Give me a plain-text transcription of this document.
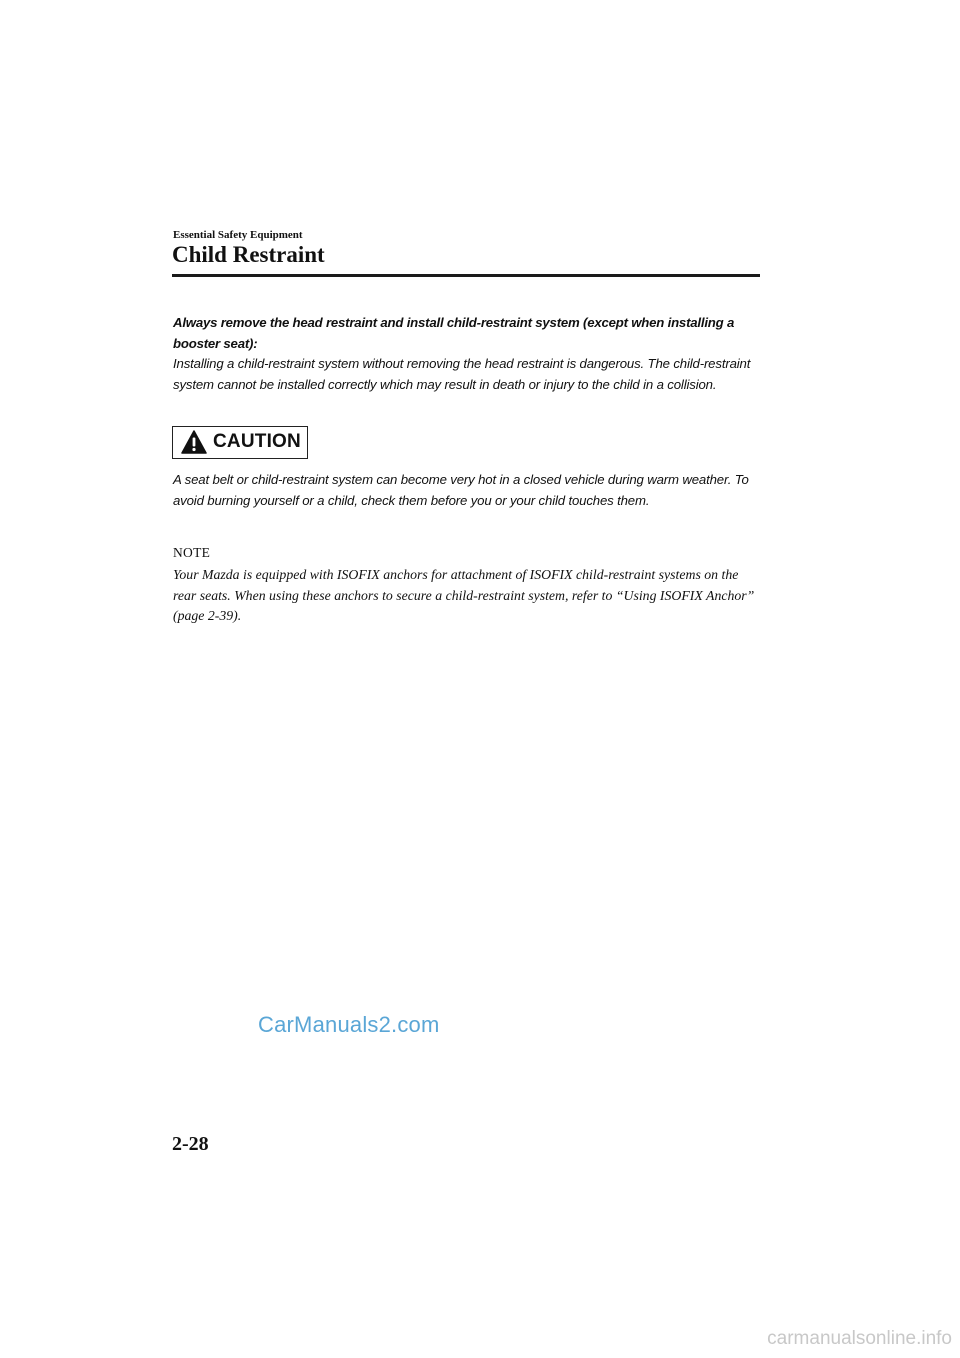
Essential Safety Equipment
Child Restraint
Always remove the head restraint and install child-restraint system (except when installing a booster seat):
Installing a child-restraint system without removing the head restraint is dangerous. The child-restraint system cannot be installed correctly which may result in death or injury to the child in a collision.
CAUTION
A seat belt or child-restraint system can become very hot in a closed vehicle during warm weather. To avoid burning yourself or a child, check them before you or your child touches them.
NOTE
Your Mazda is equipped with ISOFIX anchors for attachment of ISOFIX child-restraint systems on the rear seats. When using these anchors to secure a child-restraint system, refer to “Using ISOFIX Anchor” (page 2-39).
CarManuals2.com
2-28
carmanualsonline.info
